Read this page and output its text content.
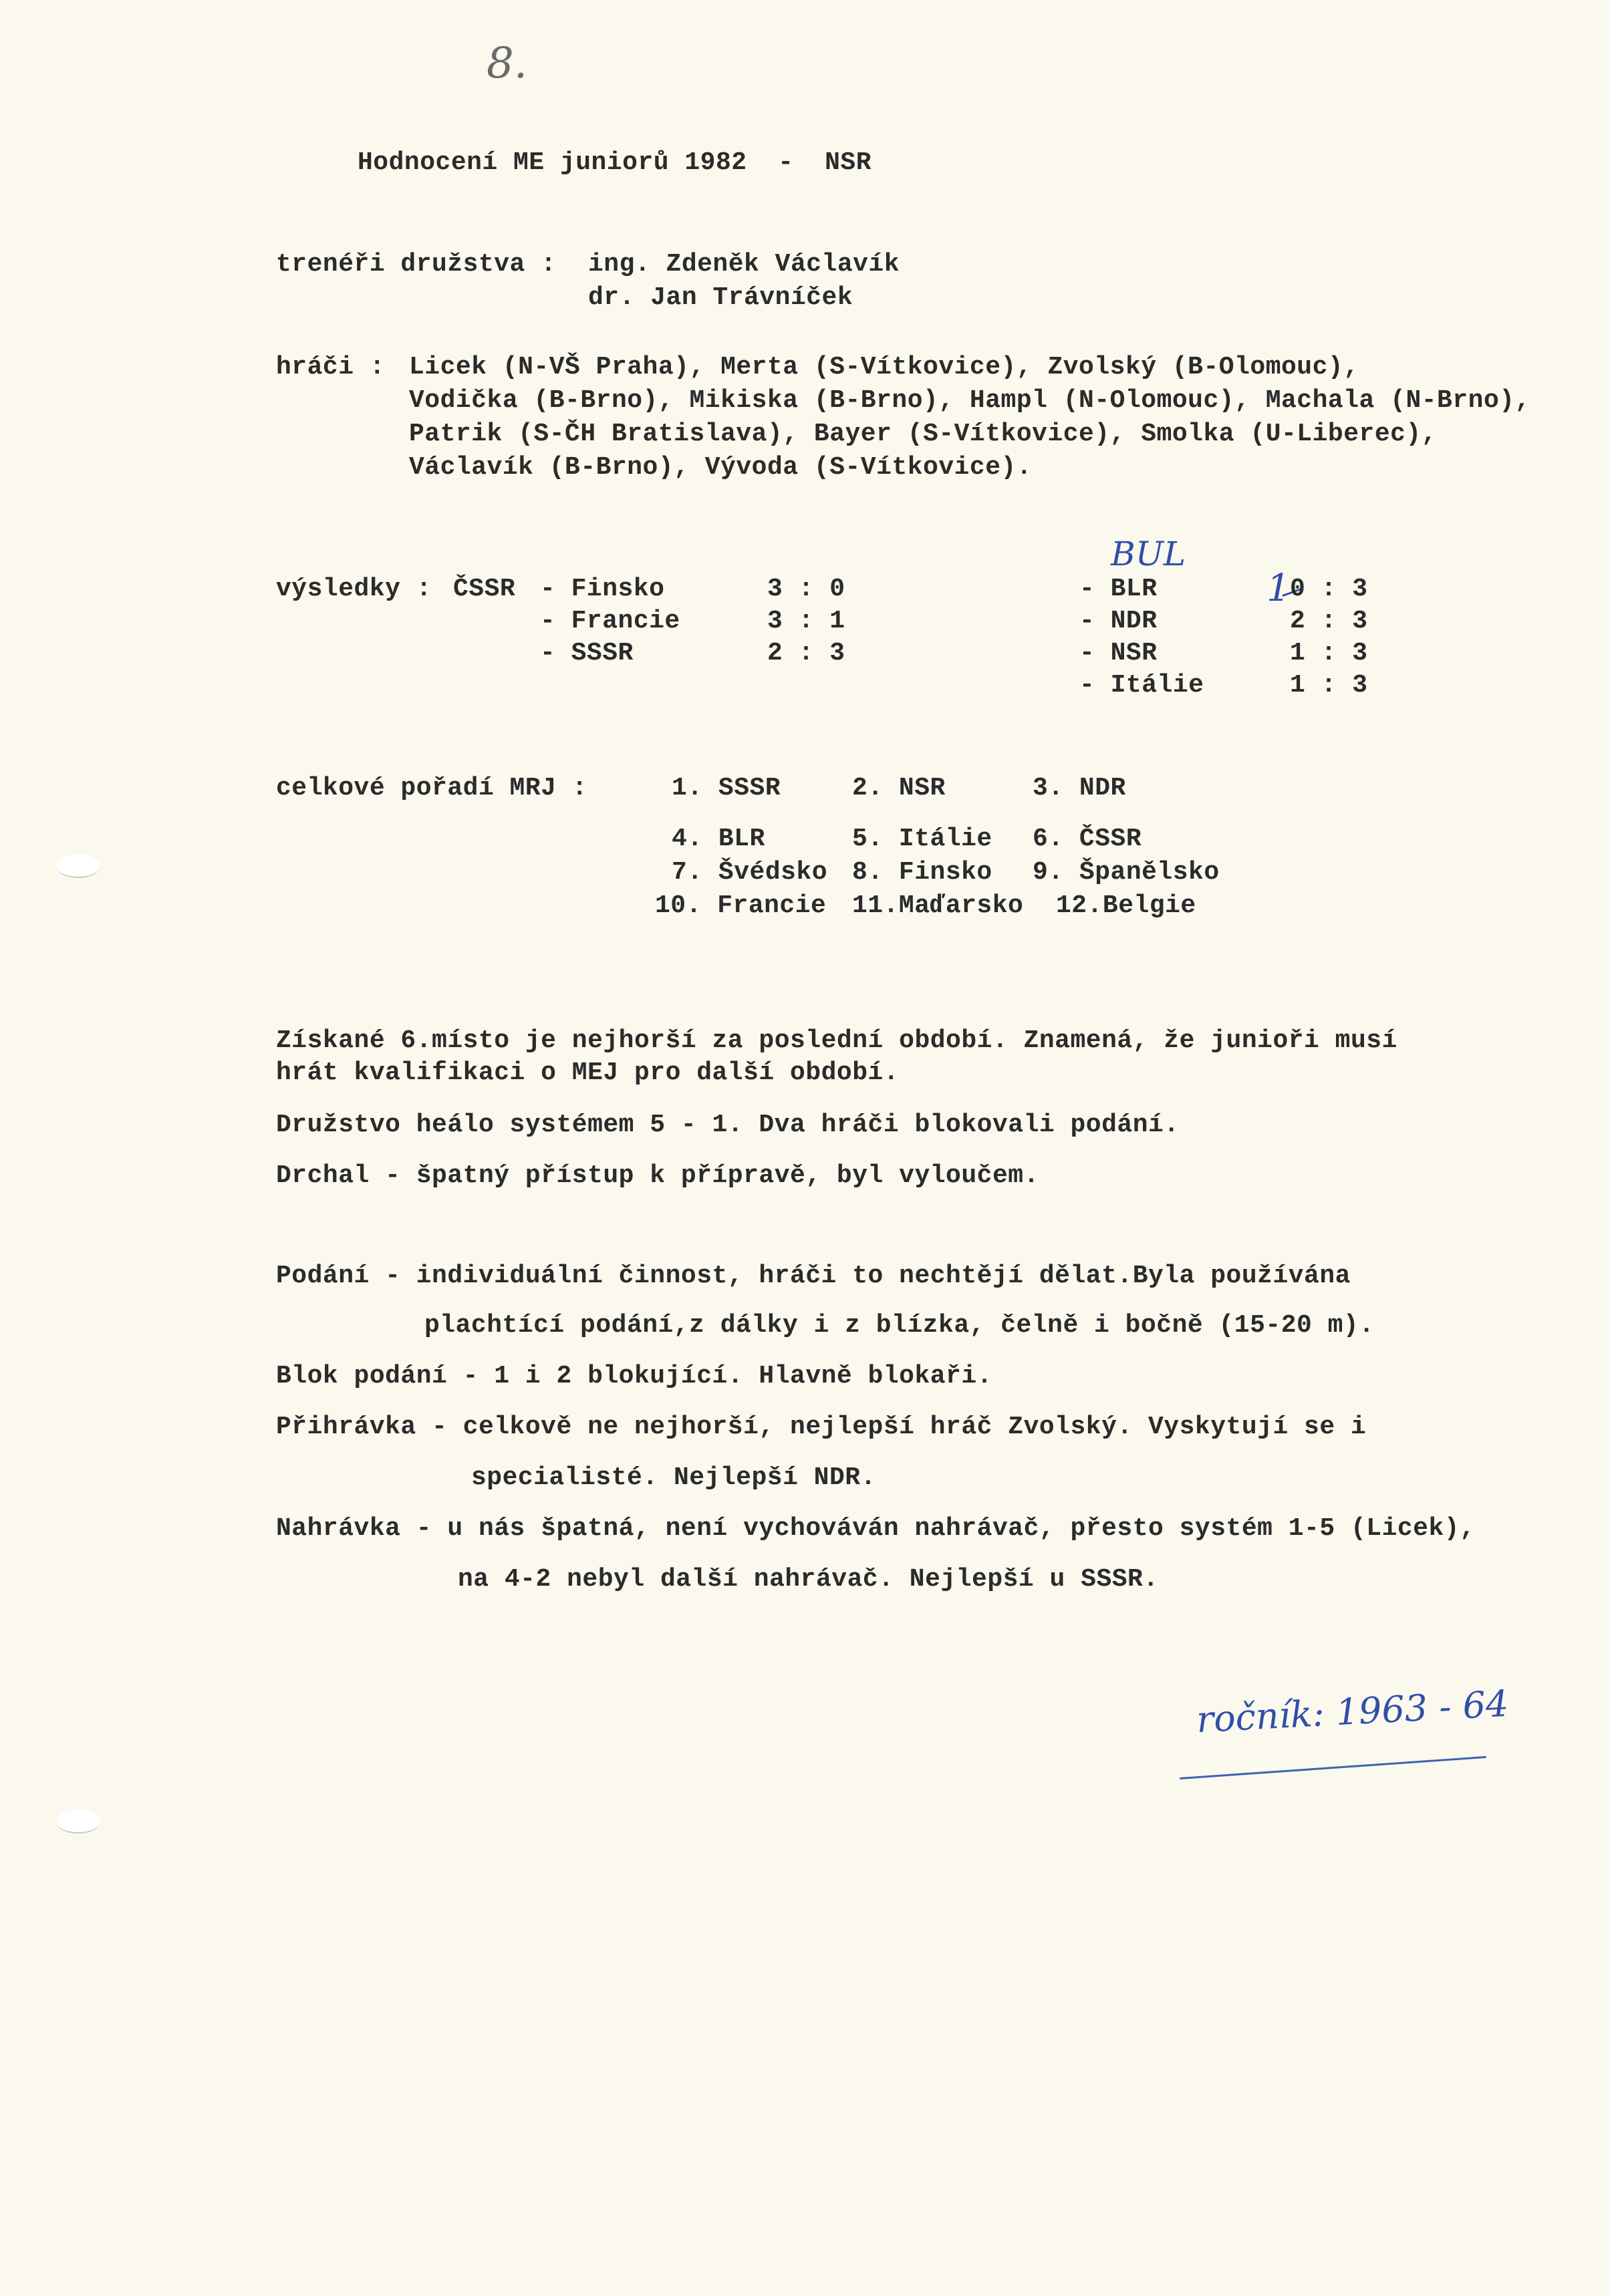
8.
Hodnocení ME juniorů 1982  -  NSR
trenéři družstva : ing. Zdeněk Václavík
dr. Jan Trávníček
hráči : Licek (N-VŠ Praha), Merta (S-Vítkovice), Zvolský (B-Olomouc),
Vodička (B-Brno), Mikiska (B-Brno), Hampl (N-Olomouc), Machala (N-Brno),
Patrik (S-ČH Bratislava), Bayer (S-Vítkovice), Smolka (U-Liberec),
Václavík (B-Brno), Vývoda (S-Vítkovice).
výsledky : ČSSR - Finsko	3 : 0
- Francie	3 : 1
- SSSR	2 : 3
BUL
- BLR	1 0 : 3
- NDR	2 : 3
- NSR	1 : 3
- Itálie	1 : 3
celkové pořadí MRJ :	1. SSSR	2. NSR	3. NDR
4. BLR	5. Itálie 6. ČSSR
7. Švédsko 8. Finsko 9. Španělsko
10. Francie 11.Maďarsko 12.Belgie
Získané 6.místo je nejhorší za poslední období. Znamená, že junioři musí
hrát kvalifikaci o MEJ pro další období.
Družstvo heálo systémem 5 - 1. Dva hráči blokovali podání.
Drchal - špatný přístup k přípravě, byl vyloučem.
Podání - individuální činnost, hráči to nechtějí dělat.Byla používána
plachtící podání,z dálky i z blízka, čelně i bočně (15-20 m).
Blok podání - 1 i 2 blokující. Hlavně blokaři.
Přihrávka - celkově ne nejhorší, nejlepší hráč Zvolský. Vyskytují se i
specialisté. Nejlepší NDR.
Nahrávka - u nás špatná, není vychováván nahrávač, přesto systém 1-5 (Licek),
na 4-2 nebyl další nahrávač. Nejlepší u SSSR.
ročník: 1963 - 64
